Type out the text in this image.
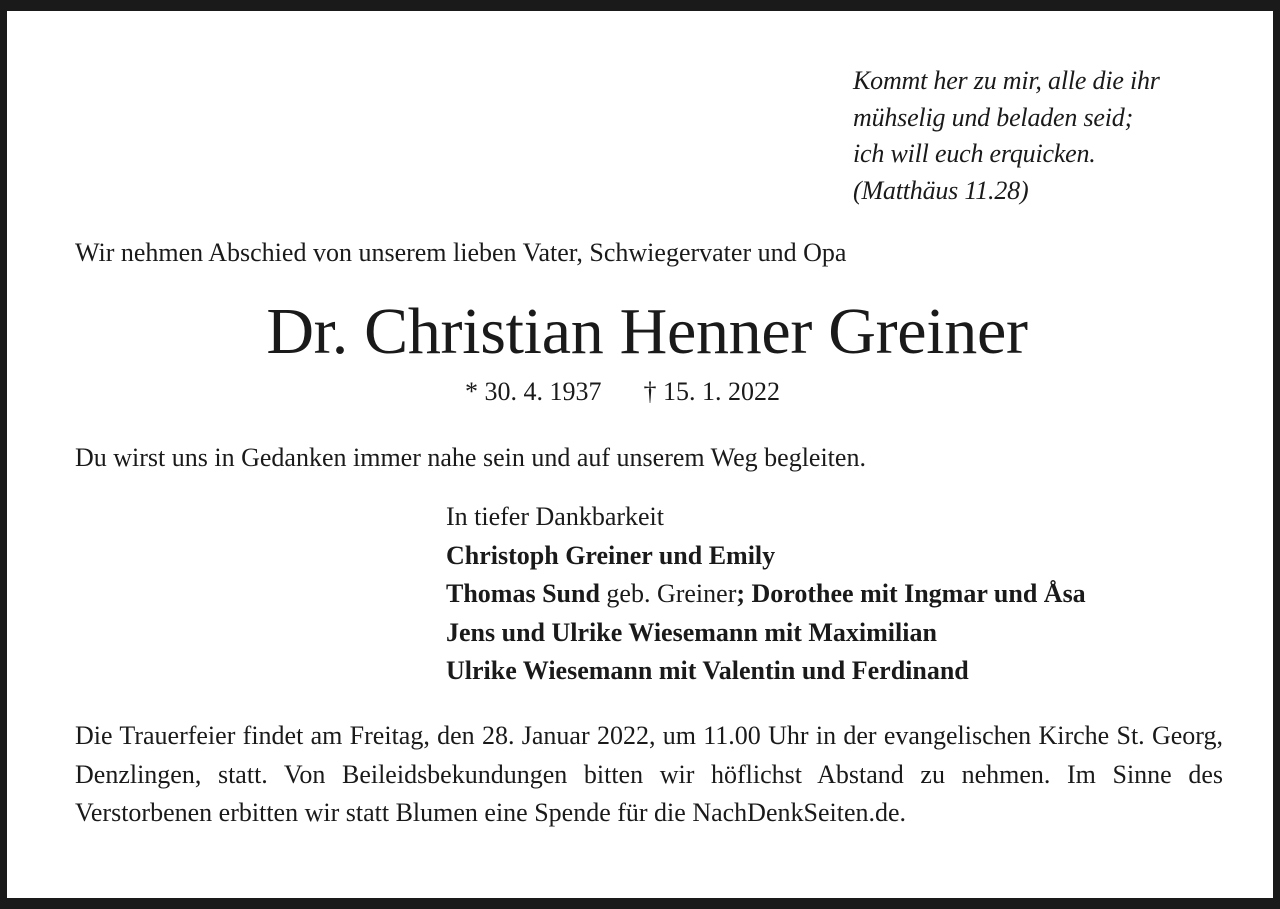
Kommt her zu mir, alle die ihr
mühselig und beladen seid;
ich will euch erquicken.
(Matthäus 11.28)
Wir nehmen Abschied von unserem lieben Vater, Schwiegervater und Opa
Dr. Christian Henner Greiner
* 30. 4. 1937 † 15. 1. 2022
Du wirst uns in Gedanken immer nahe sein und auf unserem Weg begleiten.
In tiefer Dankbarkeit
Christoph Greiner und Emily
Thomas Sund geb. Greiner; Dorothee mit Ingmar und Åsa
Jens und Ulrike Wiesemann mit Maximilian
Ulrike Wiesemann mit Valentin und Ferdinand
Die Trauerfeier findet am Freitag, den 28. Januar 2022, um 11.00 Uhr in der evangelischen Kirche St. Georg, Denzlingen, statt. Von Beileidsbekundungen bitten wir höflichst Abstand zu nehmen. Im Sinne des Verstorbenen erbitten wir statt Blumen eine Spende für die NachDenkSeiten.de.
